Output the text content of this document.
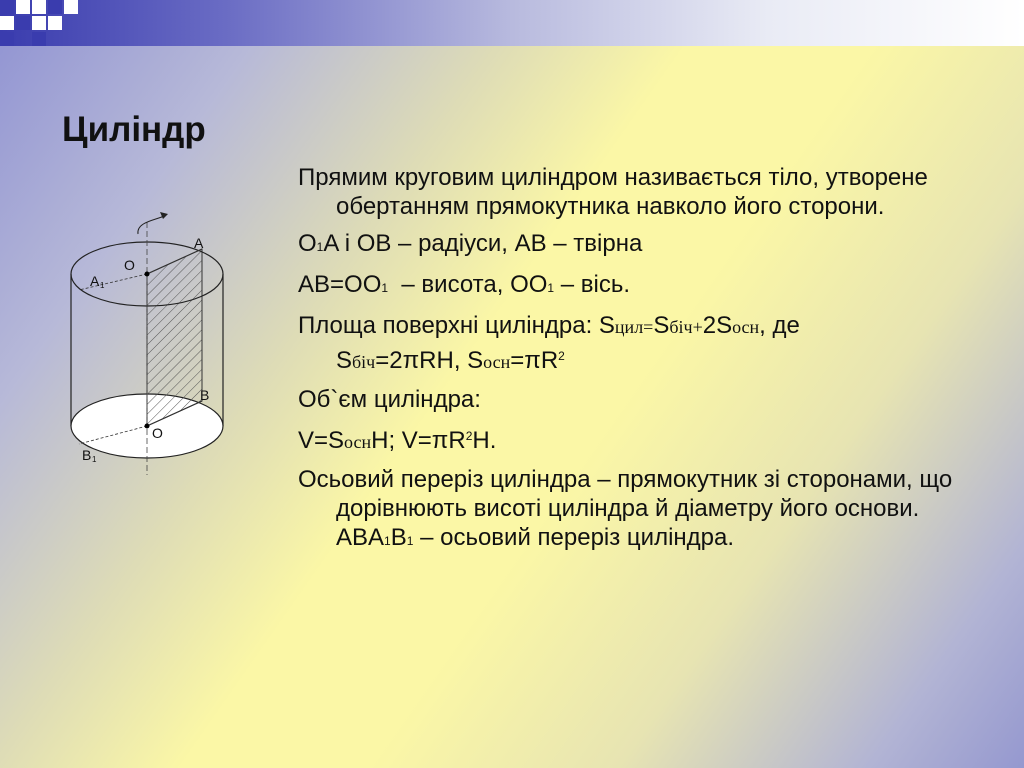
Циліндр
A
O
A 1
B
O
B 1
Прямим круговим циліндром називається тіло, утворене обертанням прямокутника навколо його сторони.
O1A і OB – радіуси, AB – твірна
AB=OO1  – висота, OO1 – вісь.
Площа поверхні циліндра: Sцил=Sбіч+2Sосн, де
Sбіч=2πRH, $Sосн=\pi R^2$
Об`єм циліндра:
V=SоснH; $V=\pi R^2H$.
Осьовий переріз циліндра – прямокутник зі сторонами, що дорівнюють висоті циліндра й діаметру його основи. ABA1B1 – осьовий переріз циліндра.
